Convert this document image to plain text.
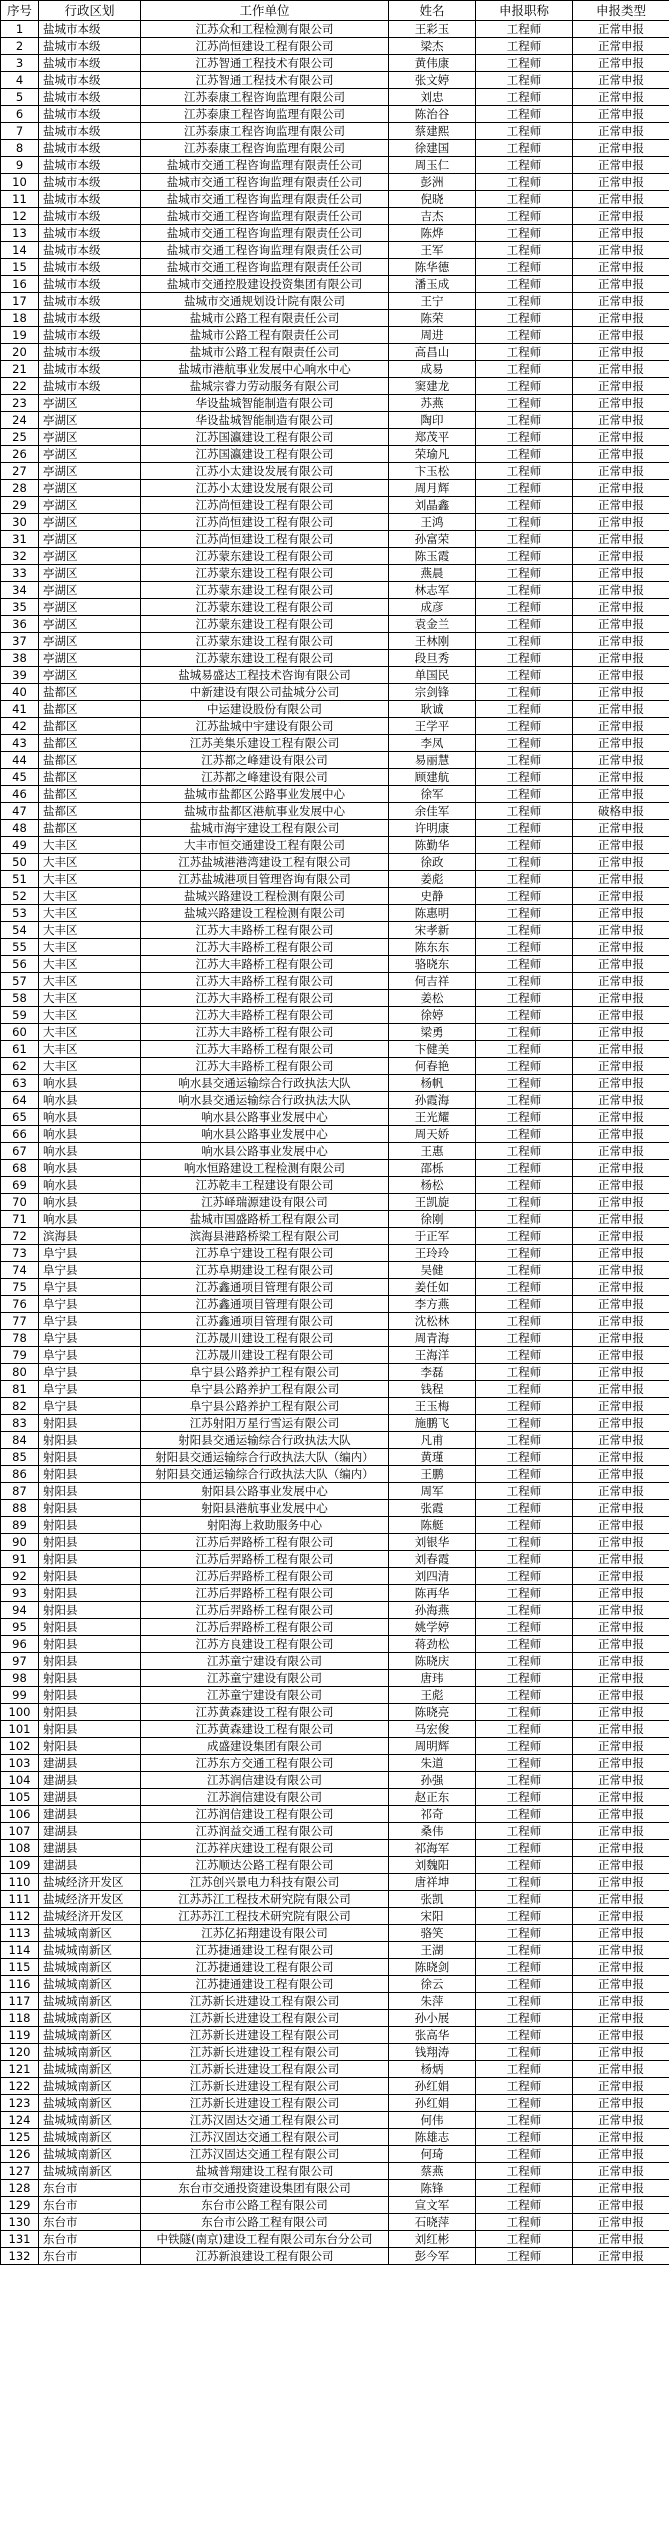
序号	行政区划	工作单位	姓名	申报职称	申报类型
1	盐城市本级	江苏众和工程检测有限公司	王彩玉	工程师	正常申报
2	盐城市本级	江苏尚恒建设工程有限公司	梁杰	工程师	正常申报
3	盐城市本级	江苏智通工程技术有限公司	黄伟康	工程师	正常申报
4	盐城市本级	江苏智通工程技术有限公司	张文婷	工程师	正常申报
5	盐城市本级	江苏泰康工程咨询监理有限公司	刘忠	工程师	正常申报
6	盐城市本级	江苏泰康工程咨询监理有限公司	陈治谷	工程师	正常申报
7	盐城市本级	江苏泰康工程咨询监理有限公司	蔡建熙	工程师	正常申报
8	盐城市本级	江苏泰康工程咨询监理有限公司	徐建国	工程师	正常申报
9	盐城市本级	盐城市交通工程咨询监理有限责任公司	周玉仁	工程师	正常申报
10	盐城市本级	盐城市交通工程咨询监理有限责任公司	彭洲	工程师	正常申报
11	盐城市本级	盐城市交通工程咨询监理有限责任公司	倪晓	工程师	正常申报
12	盐城市本级	盐城市交通工程咨询监理有限责任公司	吉杰	工程师	正常申报
13	盐城市本级	盐城市交通工程咨询监理有限责任公司	陈烨	工程师	正常申报
14	盐城市本级	盐城市交通工程咨询监理有限责任公司	王军	工程师	正常申报
15	盐城市本级	盐城市交通工程咨询监理有限责任公司	陈华德	工程师	正常申报
16	盐城市本级	盐城市交通控股建设投资集团有限公司	潘玉成	工程师	正常申报
17	盐城市本级	盐城市交通规划设计院有限公司	王宁	工程师	正常申报
18	盐城市本级	盐城市公路工程有限责任公司	陈荣	工程师	正常申报
19	盐城市本级	盐城市公路工程有限责任公司	周进	工程师	正常申报
20	盐城市本级	盐城市公路工程有限责任公司	高昌山	工程师	正常申报
21	盐城市本级	盐城市港航事业发展中心响水中心	成易	工程师	正常申报
22	盐城市本级	盐城宗睿力劳动服务有限公司	窦建龙	工程师	正常申报
23	亭湖区	华设盐城智能制造有限公司	苏燕	工程师	正常申报
24	亭湖区	华设盐城智能制造有限公司	陶印	工程师	正常申报
25	亭湖区	江苏国瀛建设工程有限公司	郑茂平	工程师	正常申报
26	亭湖区	江苏国瀛建设工程有限公司	荣瑜凡	工程师	正常申报
27	亭湖区	江苏小太建设发展有限公司	卞玉松	工程师	正常申报
28	亭湖区	江苏小太建设发展有限公司	周月辉	工程师	正常申报
29	亭湖区	江苏尚恒建设工程有限公司	刘晶鑫	工程师	正常申报
30	亭湖区	江苏尚恒建设工程有限公司	王鸿	工程师	正常申报
31	亭湖区	江苏尚恒建设工程有限公司	孙富荣	工程师	正常申报
32	亭湖区	江苏蒙东建设工程有限公司	陈玉霞	工程师	正常申报
33	亭湖区	江苏蒙东建设工程有限公司	燕晨	工程师	正常申报
34	亭湖区	江苏蒙东建设工程有限公司	林志军	工程师	正常申报
35	亭湖区	江苏蒙东建设工程有限公司	成彦	工程师	正常申报
36	亭湖区	江苏蒙东建设工程有限公司	袁金兰	工程师	正常申报
37	亭湖区	江苏蒙东建设工程有限公司	王林刚	工程师	正常申报
38	亭湖区	江苏蒙东建设工程有限公司	段旦秀	工程师	正常申报
39	亭湖区	盐城易盛达工程技术咨询有限公司	单国民	工程师	正常申报
40	盐都区	中新建设有限公司盐城分公司	宗剑锋	工程师	正常申报
41	盐都区	中运建设股份有限公司	耿诚	工程师	正常申报
42	盐都区	江苏盐城中宇建设有限公司	王学平	工程师	正常申报
43	盐都区	江苏美集乐建设工程有限公司	李凤	工程师	正常申报
44	盐都区	江苏都之峰建设有限公司	易丽慧	工程师	正常申报
45	盐都区	江苏都之峰建设有限公司	顾建航	工程师	正常申报
46	盐都区	盐城市盐都区公路事业发展中心	徐军	工程师	正常申报
47	盐都区	盐城市盐都区港航事业发展中心	余佳军	工程师	破格申报
48	盐都区	盐城市海宇建设工程有限公司	许明康	工程师	正常申报
49	大丰区	大丰市恒交通建设工程有限公司	陈勤华	工程师	正常申报
50	大丰区	江苏盐城港港湾建设工程有限公司	徐政	工程师	正常申报
51	大丰区	江苏盐城港项目管理咨询有限公司	姜彪	工程师	正常申报
52	大丰区	盐城兴路建设工程检测有限公司	史静	工程师	正常申报
53	大丰区	盐城兴路建设工程检测有限公司	陈惠明	工程师	正常申报
54	大丰区	江苏大丰路桥工程有限公司	宋孝新	工程师	正常申报
55	大丰区	江苏大丰路桥工程有限公司	陈东东	工程师	正常申报
56	大丰区	江苏大丰路桥工程有限公司	骆晓东	工程师	正常申报
57	大丰区	江苏大丰路桥工程有限公司	何吉祥	工程师	正常申报
58	大丰区	江苏大丰路桥工程有限公司	姜松	工程师	正常申报
59	大丰区	江苏大丰路桥工程有限公司	徐婷	工程师	正常申报
60	大丰区	江苏大丰路桥工程有限公司	梁勇	工程师	正常申报
61	大丰区	江苏大丰路桥工程有限公司	卞健美	工程师	正常申报
62	大丰区	江苏大丰路桥工程有限公司	何春艳	工程师	正常申报
63	响水县	响水县交通运输综合行政执法大队	杨帆	工程师	正常申报
64	响水县	响水县交通运输综合行政执法大队	孙霞海	工程师	正常申报
65	响水县	响水县公路事业发展中心	王光耀	工程师	正常申报
66	响水县	响水县公路事业发展中心	周天娇	工程师	正常申报
67	响水县	响水县公路事业发展中心	王惠	工程师	正常申报
68	响水县	响水恒路建设工程检测有限公司	邵栎	工程师	正常申报
69	响水县	江苏乾丰工程建设有限公司	杨松	工程师	正常申报
70	响水县	江苏峄瑞源建设有限公司	王凯旋	工程师	正常申报
71	响水县	盐城市国盛路桥工程有限公司	徐刚	工程师	正常申报
72	滨海县	滨海县港路桥梁工程有限公司	于正军	工程师	正常申报
73	阜宁县	江苏阜宁建设工程有限公司	王玲玲	工程师	正常申报
74	阜宁县	江苏阜期建设工程有限公司	吴健	工程师	正常申报
75	阜宁县	江苏鑫通项目管理有限公司	姜任如	工程师	正常申报
76	阜宁县	江苏鑫通项目管理有限公司	李方燕	工程师	正常申报
77	阜宁县	江苏鑫通项目管理有限公司	沈松林	工程师	正常申报
78	阜宁县	江苏晟川建设工程有限公司	周青海	工程师	正常申报
79	阜宁县	江苏晟川建设工程有限公司	王海洋	工程师	正常申报
80	阜宁县	阜宁县公路养护工程有限公司	李磊	工程师	正常申报
81	阜宁县	阜宁县公路养护工程有限公司	钱程	工程师	正常申报
82	阜宁县	阜宁县公路养护工程有限公司	王玉梅	工程师	正常申报
83	射阳县	江苏射阳万星行雪运有限公司	施鹏飞	工程师	正常申报
84	射阳县	射阳县交通运输综合行政执法大队	凡甫	工程师	正常申报
85	射阳县	射阳县交通运输综合行政执法大队（编内）	黄瑾	工程师	正常申报
86	射阳县	射阳县交通运输综合行政执法大队（编内）	王鹏	工程师	正常申报
87	射阳县	射阳县公路事业发展中心	周军	工程师	正常申报
88	射阳县	射阳县港航事业发展中心	张霞	工程师	正常申报
89	射阳县	射阳海上救助服务中心	陈艇	工程师	正常申报
90	射阳县	江苏后羿路桥工程有限公司	刘银华	工程师	正常申报
91	射阳县	江苏后羿路桥工程有限公司	刘春霞	工程师	正常申报
92	射阳县	江苏后羿路桥工程有限公司	刘四清	工程师	正常申报
93	射阳县	江苏后羿路桥工程有限公司	陈再华	工程师	正常申报
94	射阳县	江苏后羿路桥工程有限公司	孙海燕	工程师	正常申报
95	射阳县	江苏后羿路桥工程有限公司	姚学婷	工程师	正常申报
96	射阳县	江苏方良建设工程有限公司	蒋劲松	工程师	正常申报
97	射阳县	江苏童宁建设有限公司	陈晓庆	工程师	正常申报
98	射阳县	江苏童宁建设有限公司	唐玮	工程师	正常申报
99	射阳县	江苏童宁建设有限公司	王彪	工程师	正常申报
100	射阳县	江苏黄森建设工程有限公司	陈晓亮	工程师	正常申报
101	射阳县	江苏黄森建设工程有限公司	马宏俊	工程师	正常申报
102	射阳县	成盛建设集团有限公司	周明辉	工程师	正常申报
103	建湖县	江苏东方交通工程有限公司	朱道	工程师	正常申报
104	建湖县	江苏润信建设有限公司	孙强	工程师	正常申报
105	建湖县	江苏润信建设有限公司	赵正东	工程师	正常申报
106	建湖县	江苏润信建设工程有限公司	祁奇	工程师	正常申报
107	建湖县	江苏润益交通工程有限公司	桑伟	工程师	正常申报
108	建湖县	江苏祥庆建设工程有限公司	祁海军	工程师	正常申报
109	建湖县	江苏顺达公路工程有限公司	刘魏阳	工程师	正常申报
110	盐城经济开发区	江苏创兴景电力科技有限公司	唐祥坤	工程师	正常申报
111	盐城经济开发区	江苏苏江工程技术研究院有限公司	张凯	工程师	正常申报
112	盐城经济开发区	江苏苏江工程技术研究院有限公司	宋阳	工程师	正常申报
113	盐城城南新区	江苏亿拓翔建设有限公司	骆笑	工程师	正常申报
114	盐城城南新区	江苏捷通建设工程有限公司	王湖	工程师	正常申报
115	盐城城南新区	江苏捷通建设工程有限公司	陈晓剑	工程师	正常申报
116	盐城城南新区	江苏捷通建设工程有限公司	徐云	工程师	正常申报
117	盐城城南新区	江苏新长进建设工程有限公司	朱萍	工程师	正常申报
118	盐城城南新区	江苏新长进建设工程有限公司	孙小展	工程师	正常申报
119	盐城城南新区	江苏新长进建设工程有限公司	张高华	工程师	正常申报
120	盐城城南新区	江苏新长进建设工程有限公司	钱翔涛	工程师	正常申报
121	盐城城南新区	江苏新长进建设工程有限公司	杨炳	工程师	正常申报
122	盐城城南新区	江苏新长进建设工程有限公司	孙红娟	工程师	正常申报
123	盐城城南新区	江苏新长进建设工程有限公司	孙红娟	工程师	正常申报
124	盐城城南新区	江苏汉固达交通工程有限公司	何伟	工程师	正常申报
125	盐城城南新区	江苏汉固达交通工程有限公司	陈雄志	工程师	正常申报
126	盐城城南新区	江苏汉固达交通工程有限公司	何琦	工程师	正常申报
127	盐城城南新区	盐城普翔建设工程有限公司	蔡燕	工程师	正常申报
128	东台市	东台市交通投资建设集团有限公司	陈锋	工程师	正常申报
129	东台市	东台市公路工程有限公司	宣文军	工程师	正常申报
130	东台市	东台市公路工程有限公司	石晓萍	工程师	正常申报
131	东台市	中铁隧(南京)建设工程有限公司东台分公司	刘红彬	工程师	正常申报
132	东台市	江苏新浪建设工程有限公司	彭今军	工程师	正常申报
